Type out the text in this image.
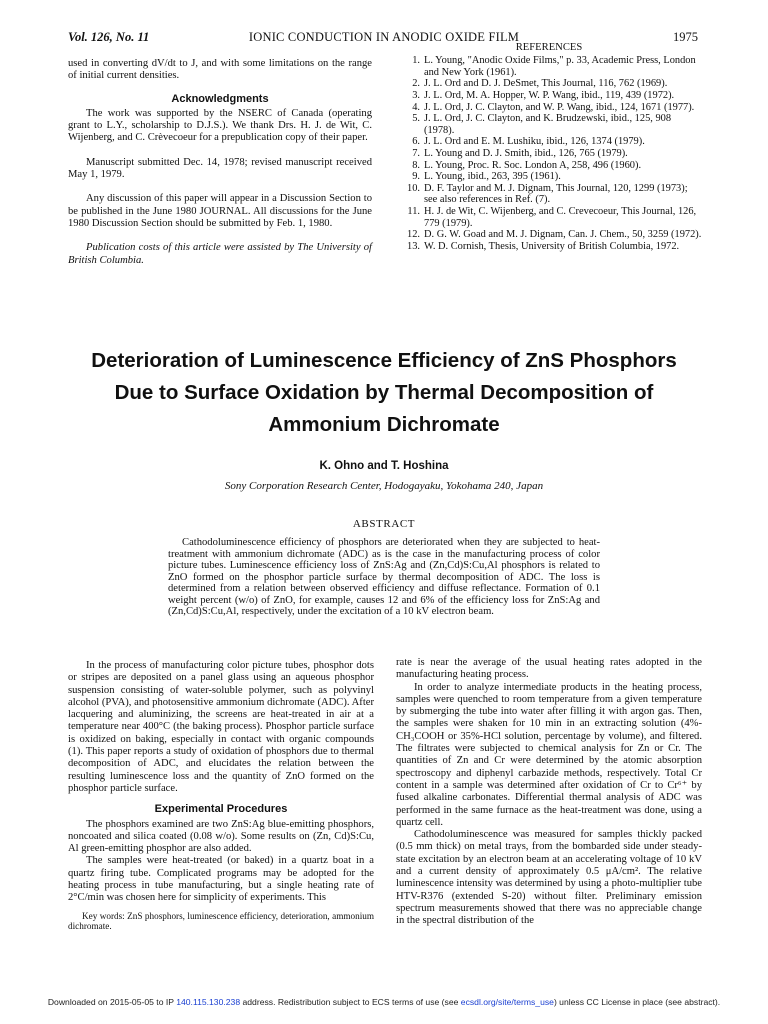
Vol. 126, No. 11	IONIC CONDUCTION IN ANODIC OXIDE FILM	1975

used in converting dV/dt to J, and with some limitations on the range of initial current densities.

Acknowledgments

The work was supported by the NSERC of Canada (operating grant to L.Y., scholarship to D.J.S.). We thank Drs. H. J. de Wit, C. Wijenberg, and C. Crèvecoeur for a prepublication copy of their paper.

Manuscript submitted Dec. 14, 1978; revised manuscript received May 1, 1979.

Any discussion of this paper will appear in a Discussion Section to be published in the June 1980 JOURNAL. All discussions for the June 1980 Discussion Section should be submitted by Feb. 1, 1980.

Publication costs of this article were assisted by The University of British Columbia.

REFERENCES
1. L. Young, "Anodic Oxide Films," p. 33, Academic Press, London and New York (1961).
2. J. L. Ord and D. J. DeSmet, This Journal, 116, 762 (1969).
3. J. L. Ord, M. A. Hopper, W. P. Wang, ibid., 119, 439 (1972).
4. J. L. Ord, J. C. Clayton, and W. P. Wang, ibid., 124, 1671 (1977).
5. J. L. Ord, J. C. Clayton, and K. Brudzewski, ibid., 125, 908 (1978).
6. J. L. Ord and E. M. Lushiku, ibid., 126, 1374 (1979).
7. L. Young and D. J. Smith, ibid., 126, 765 (1979).
8. L. Young, Proc. R. Soc. London A, 258, 496 (1960).
9. L. Young, ibid., 263, 395 (1961).
10. D. F. Taylor and M. J. Dignam, This Journal, 120, 1299 (1973); see also references in Ref. (7).
11. H. J. de Wit, C. Wijenberg, and C. Crevecoeur, This Journal, 126, 779 (1979).
12. D. G. W. Goad and M. J. Dignam, Can. J. Chem., 50, 3259 (1972).
13. W. D. Cornish, Thesis, University of British Columbia, 1972.
Deterioration of Luminescence Efficiency of ZnS Phosphors
Due to Surface Oxidation by Thermal Decomposition of
Ammonium Dichromate
K. Ohno and T. Hoshina
Sony Corporation Research Center, Hodogayaku, Yokohama 240, Japan
ABSTRACT
Cathodoluminescence efficiency of phosphors are deteriorated when they are subjected to heat-treatment with ammonium dichromate (ADC) as is the case in the manufacturing process of color picture tubes. Luminescence efficiency loss of ZnS:Ag and (Zn,Cd)S:Cu,Al phosphors is related to ZnO formed on the phosphor particle surface by thermal decomposition of ADC. The loss is determined from a relation between observed efficiency and diffuse reflectance. Formation of 0.1 weight percent (w/o) of ZnO, for example, causes 12 and 6% of the efficiency loss for ZnS:Ag and (Zn,Cd)S:Cu,Al, respectively, under the excitation of a 10 kV electron beam.

In the process of manufacturing color picture tubes, phosphor dots or stripes are deposited on a panel glass using an aqueous phosphor suspension consisting of water-soluble polymer, such as polyvinyl alcohol (PVA), and photosensitive ammonium dichromate (ADC). After lacquering and aluminizing, the screens are heat-treated in air at a temperature near 400°C (the baking process). Phosphor particle surface is oxidized on baking, especially in contact with organic compounds (1). This paper reports a study of oxidation of phosphors due to thermal decomposition of ADC, and elucidates the relation between the resulting luminescence loss and the quantity of ZnO formed on the phosphor particle surface.

Experimental Procedures

The phosphors examined are two ZnS:Ag blue-emitting phosphors, noncoated and silica coated (0.08 w/o). Some results on (Zn, Cd)S:Cu, Al green-emitting phosphor are also added.

The samples were heat-treated (or baked) in a quartz boat in a quartz firing tube. Complicated programs may be adopted for the heating process in tube manufacturing, but a single heating rate of 2°C/min was chosen here for simplicity of experiments. This

Key words: ZnS phosphors, luminescence efficiency, deterioration, ammonium dichromate.

rate is near the average of the usual heating rates adopted in the manufacturing heating process.

In order to analyze intermediate products in the heating process, samples were quenched to room temperature from a given temperature by submerging the tube into water after filling it with argon gas. Then, the samples were shaken for 10 min in an extracting solution (4%-CH₃COOH or 35%-HCl solution, percentage by volume), and filtered. The filtrates were subjected to chemical analysis for Zn or Cr. The quantities of Zn and Cr were determined by the atomic absorption spectroscopy and diphenyl carbazide methods, respectively. Total Cr content in a sample was determined after oxidation of Cr to Cr⁶⁺ by fused alkaline carbonates. Differential thermal analysis of ADC was performed in the same furnace as the heat-treatment was done, using a quartz cell.

Cathodoluminescence was measured for samples thickly packed (0.5 mm thick) on metal trays, from the bombarded side under steady-state excitation by an electron beam at an accelerating voltage of 10 kV and a current density of approximately 0.5 μA/cm². The relative luminescence intensity was determined by using a photo-multiplier tube HTV-R376 (extended S-20) without filter. Preliminary emission spectrum measurements showed that there was no appreciable change in the spectral distribution of the

Downloaded on 2015-05-05 to IP 140.115.130.238 address. Redistribution subject to ECS terms of use (see ecsdl.org/site/terms_use) unless CC License in place (see abstract).
